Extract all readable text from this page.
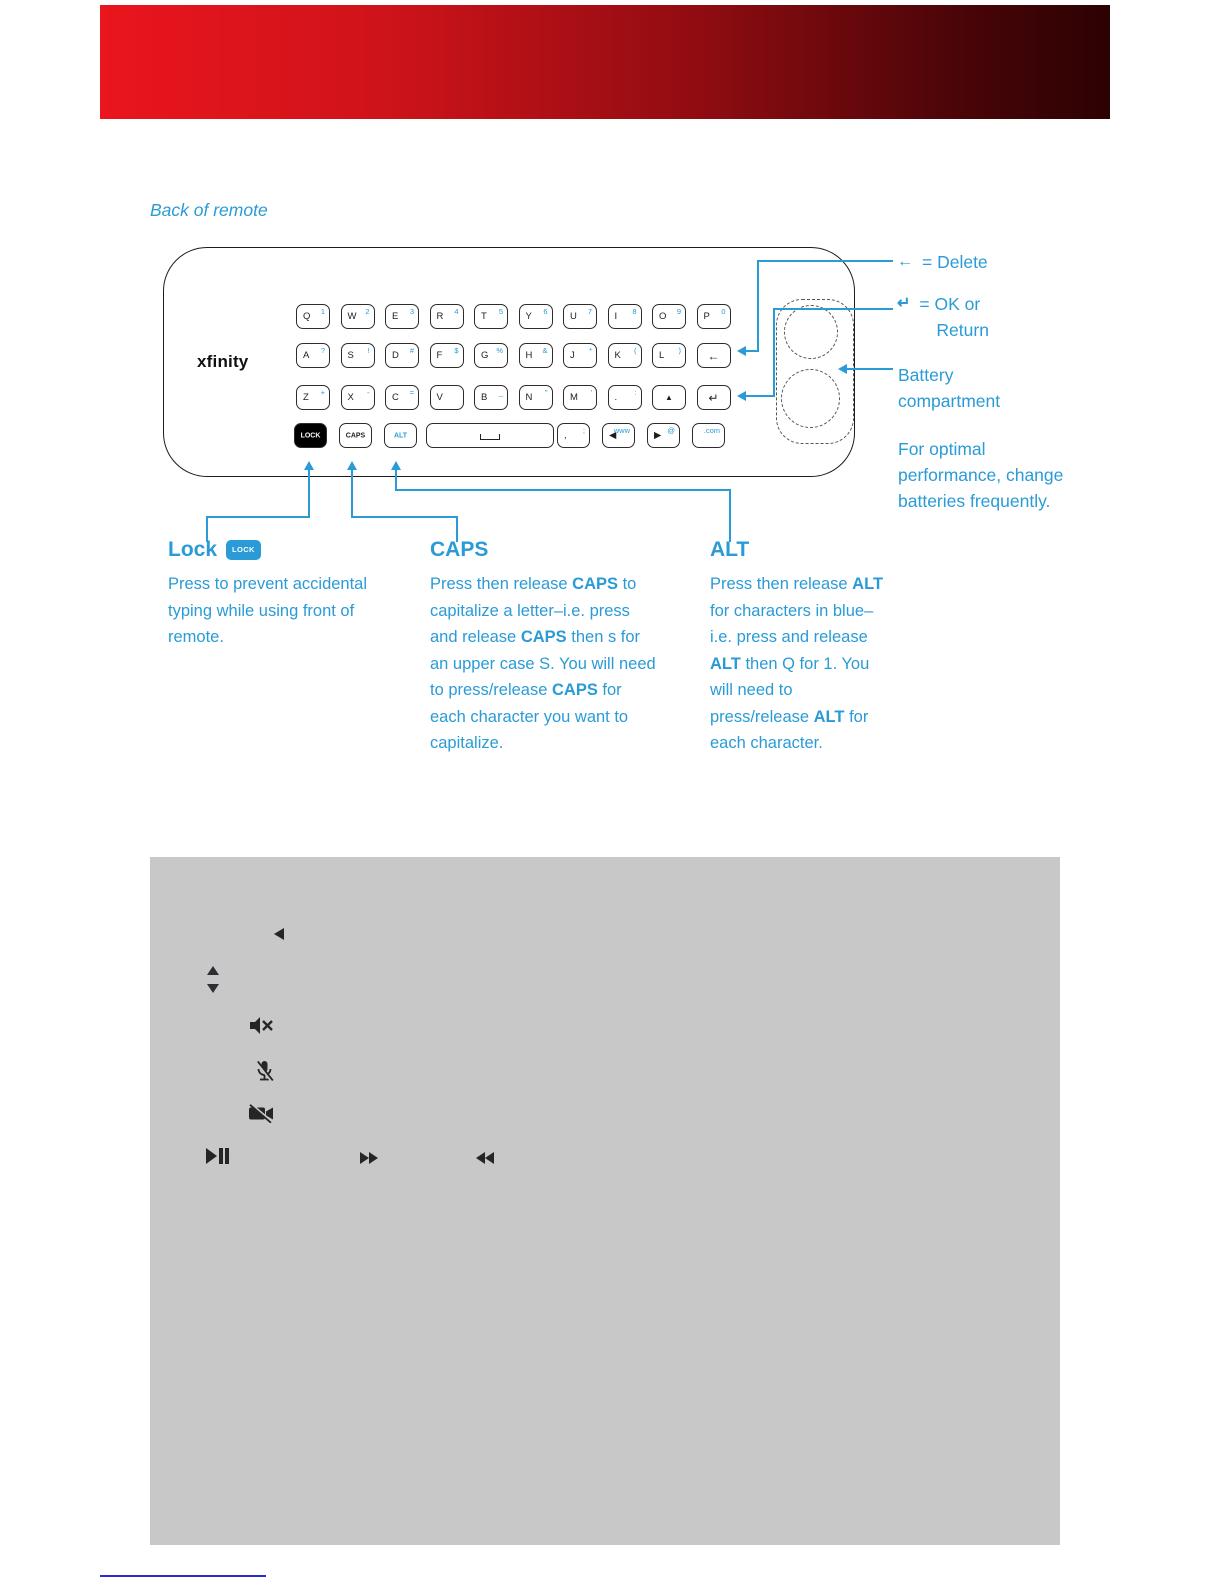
Back of remote
xfinity
Q 1 W 2 E 3 R 4 T 5 Y 6 U 7 I 8 O 9 P 0
A ? S ! D # F $ G % H & J * K ( L ) ←
Z + X - C = V	B _ N " M ' . :	▲	↵
LOCK	CAPS	ALT	, ;	◀
www	▶ @	.com
← = Delete
↵ = OK or
Return
Battery compartment
For optimal performance, change batteries frequently.
Lock	LOCK
Press to prevent accidental typing while using front of remote.
CAPS
Press then release CAPS to capitalize a letter–i.e. press and release CAPS then s for an upper case S. You will need to press/release CAPS for each character you want to capitalize.
ALT
Press then release ALT for characters in blue–i.e. press and release ALT then Q for 1. You will need to press/release ALT for each character.
